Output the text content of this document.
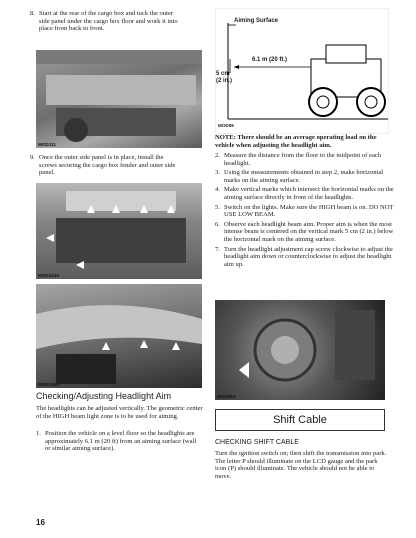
8. Start at the rear of the cargo box and tuck the outer side panel under the cargo box floor and work it into place from back to front.
MOD111
9. Once the outer side panel is in place, install the screws securing the cargo box fender and outer side panel.
MOD114A
MOD115A
Checking/Adjusting Headlight Aim
The headlights can be adjusted vertically. The geometric center of the HIGH beam light zone is to be used for aiming.
1. Position the vehicle on a level floor so the headlights are approximately 6.1 m (20 ft) from an aiming surface (wall or similar aiming surface).
Aiming Surface
6.1 m (20 ft.)
5 cm
(2 in.)
MOD55
NOTE: There should be an average operating load on the vehicle when adjusting the headlight aim.
2. Measure the distance from the floor to the midpoint of each headlight.
3. Using the measurements obtained in step 2, make horizontal marks on the aiming surface.
4. Make vertical marks which intersect the horizontal marks on the aiming surface directly in front of the headlights.
5. Switch on the lights. Make sure the HIGH beam is on. DO NOT USE LOW BEAM.
6. Observe each headlight beam aim. Proper aim is when the most intense beam is centered on the vertical mark 5 cm (2 in.) below the horizontal mark on the aiming surface.
7. Turn the headlight adjustment cap screw clockwise to adjust the headlight aim down or counterclockwise to adjust the headlight aim up.
MOD56A
Shift Cable
CHECKING SHIFT CABLE
Turn the ignition switch on; then shift the transmission into park. The letter P should illuminate on the LCD gauge and the park icon (P) should illuminate. The vehicle should not be able to move.
16
